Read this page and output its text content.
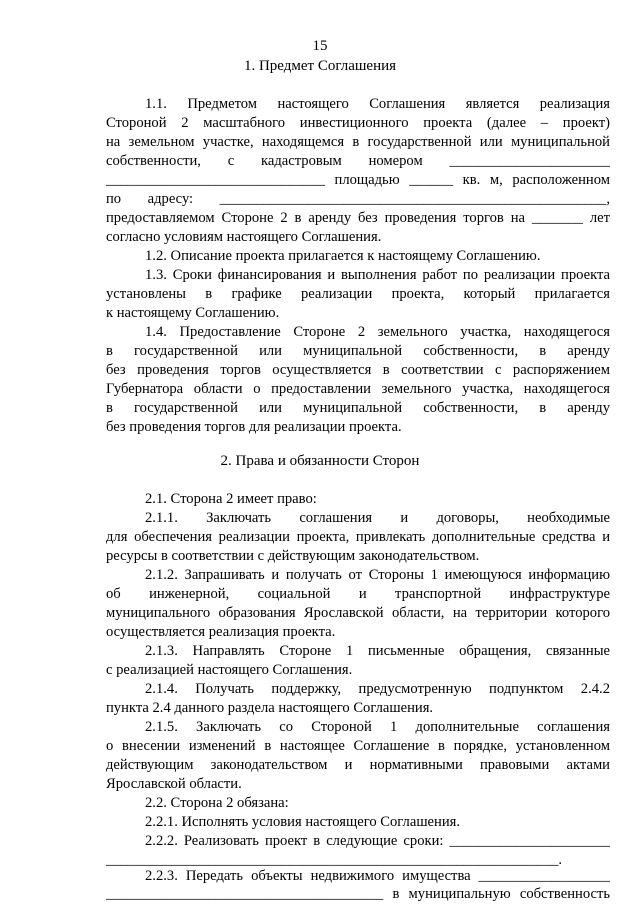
15
1. Предмет Соглашения
1.1. Предметом настоящего Соглашения является реализация
Стороной 2 масштабного инвестиционного проекта (далее – проект)
на земельном участке, находящемся в государственной или муниципальной
собственности, с кадастровым номером ______________________
______________________________ площадью ______ кв. м, расположенном
по адресу: _____________________________________________________,
предоставляемом Стороне 2 в аренду без проведения торгов на _______ лет
согласно условиям настоящего Соглашения.
1.2. Описание проекта прилагается к настоящему Соглашению.
1.3. Сроки финансирования и выполнения работ по реализации проекта
установлены в графике реализации проекта, который прилагается
к настоящему Соглашению.
1.4. Предоставление Стороне 2 земельного участка, находящегося
в государственной или муниципальной собственности, в аренду
без проведения торгов осуществляется в соответствии с распоряжением
Губернатора области о предоставлении земельного участка, находящегося
в государственной или муниципальной собственности, в аренду
без проведения торгов для реализации проекта.
2. Права и обязанности Сторон
2.1. Сторона 2 имеет право:
2.1.1. Заключать соглашения и договоры, необходимые
для обеспечения реализации проекта, привлекать дополнительные средства и
ресурсы в соответствии с действующим законодательством.
2.1.2. Запрашивать и получать от Стороны 1 имеющуюся информацию
об инженерной, социальной и транспортной инфраструктуре
муниципального образования Ярославской области, на территории которого
осуществляется реализация проекта.
2.1.3. Направлять Стороне 1 письменные обращения, связанные
с реализацией настоящего Соглашения.
2.1.4. Получать поддержку, предусмотренную подпунктом 2.4.2
пункта 2.4 данного раздела настоящего Соглашения.
2.1.5. Заключать со Стороной 1 дополнительные соглашения
о внесении изменений в настоящее Соглашение в порядке, установленном
действующим законодательством и нормативными правовыми актами
Ярославской области.
2.2. Сторона 2 обязана:
2.2.1. Исполнять условия настоящего Соглашения.
2.2.2. Реализовать проект в следующие сроки: ______________________
______________________________________________________________.
2.2.3. Передать объекты недвижимого имущества __________________
______________________________________ в муниципальную собственность
